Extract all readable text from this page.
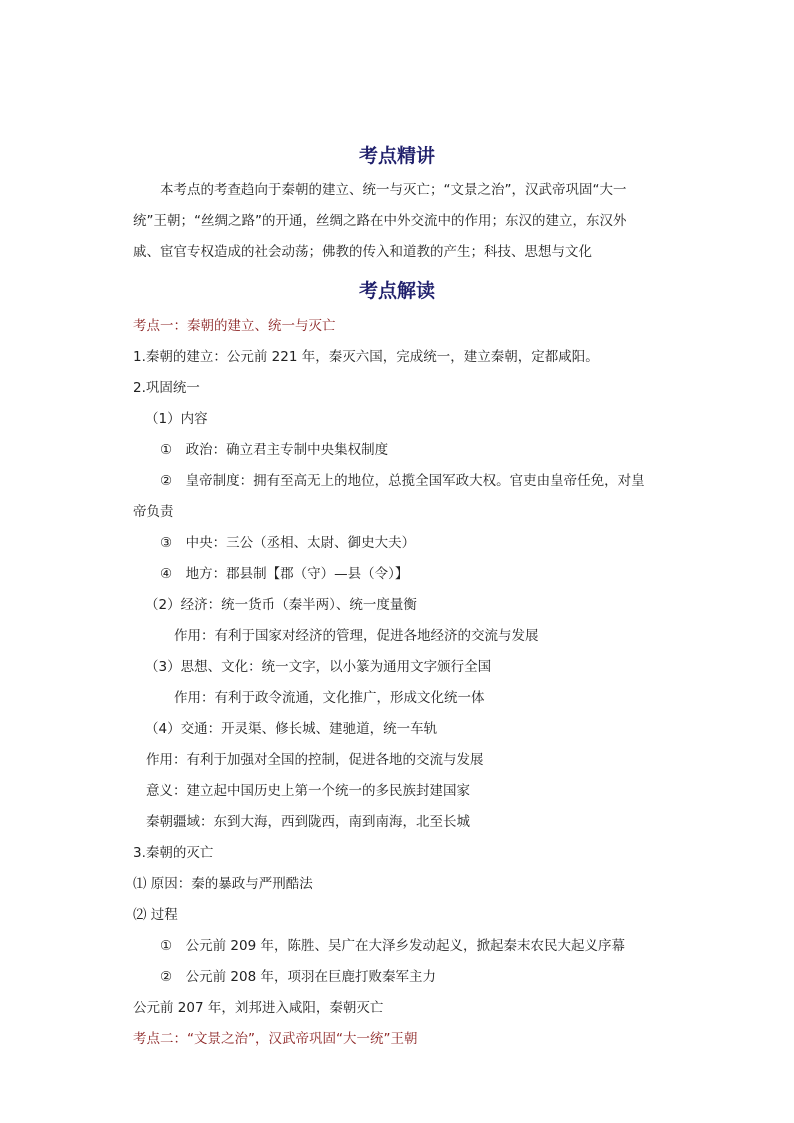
考点精讲
本考点的考查趋向于秦朝的建立、统一与灭亡；“文景之治”，汉武帝巩固“大一
统”王朝；“丝绸之路”的开通，丝绸之路在中外交流中的作用；东汉的建立，东汉外
戚、宦官专权造成的社会动荡；佛教的传入和道教的产生；科技、思想与文化
考点解读
考点一：秦朝的建立、统一与灭亡
1.秦朝的建立：公元前 221 年，秦灭六国，完成统一，建立秦朝，定都咸阳。
2.巩固统一
（1）内容
①　政治：确立君主专制中央集权制度
②　皇帝制度：拥有至高无上的地位，总揽全国军政大权。官吏由皇帝任免，对皇
帝负责
③　中央：三公（丞相、太尉、御史大夫）
④　地方：郡县制【郡（守）—县（令）】
（2）经济：统一货币（秦半两）、统一度量衡
作用：有利于国家对经济的管理，促进各地经济的交流与发展
（3）思想、文化：统一文字，以小篆为通用文字颁行全国
作用：有利于政令流通，文化推广，形成文化统一体
（4）交通：开灵渠、修长城、建驰道，统一车轨
作用：有利于加强对全国的控制，促进各地的交流与发展
意义：建立起中国历史上第一个统一的多民族封建国家
秦朝疆域：东到大海，西到陇西，南到南海，北至长城
3.秦朝的灭亡
⑴ 原因：秦的暴政与严刑酷法
⑵ 过程
①　公元前 209 年，陈胜、吴广在大泽乡发动起义，掀起秦末农民大起义序幕
②　公元前 208 年，项羽在巨鹿打败秦军主力
公元前 207 年，刘邦进入咸阳，秦朝灭亡
考点二：“文景之治”，汉武帝巩固“大一统”王朝
